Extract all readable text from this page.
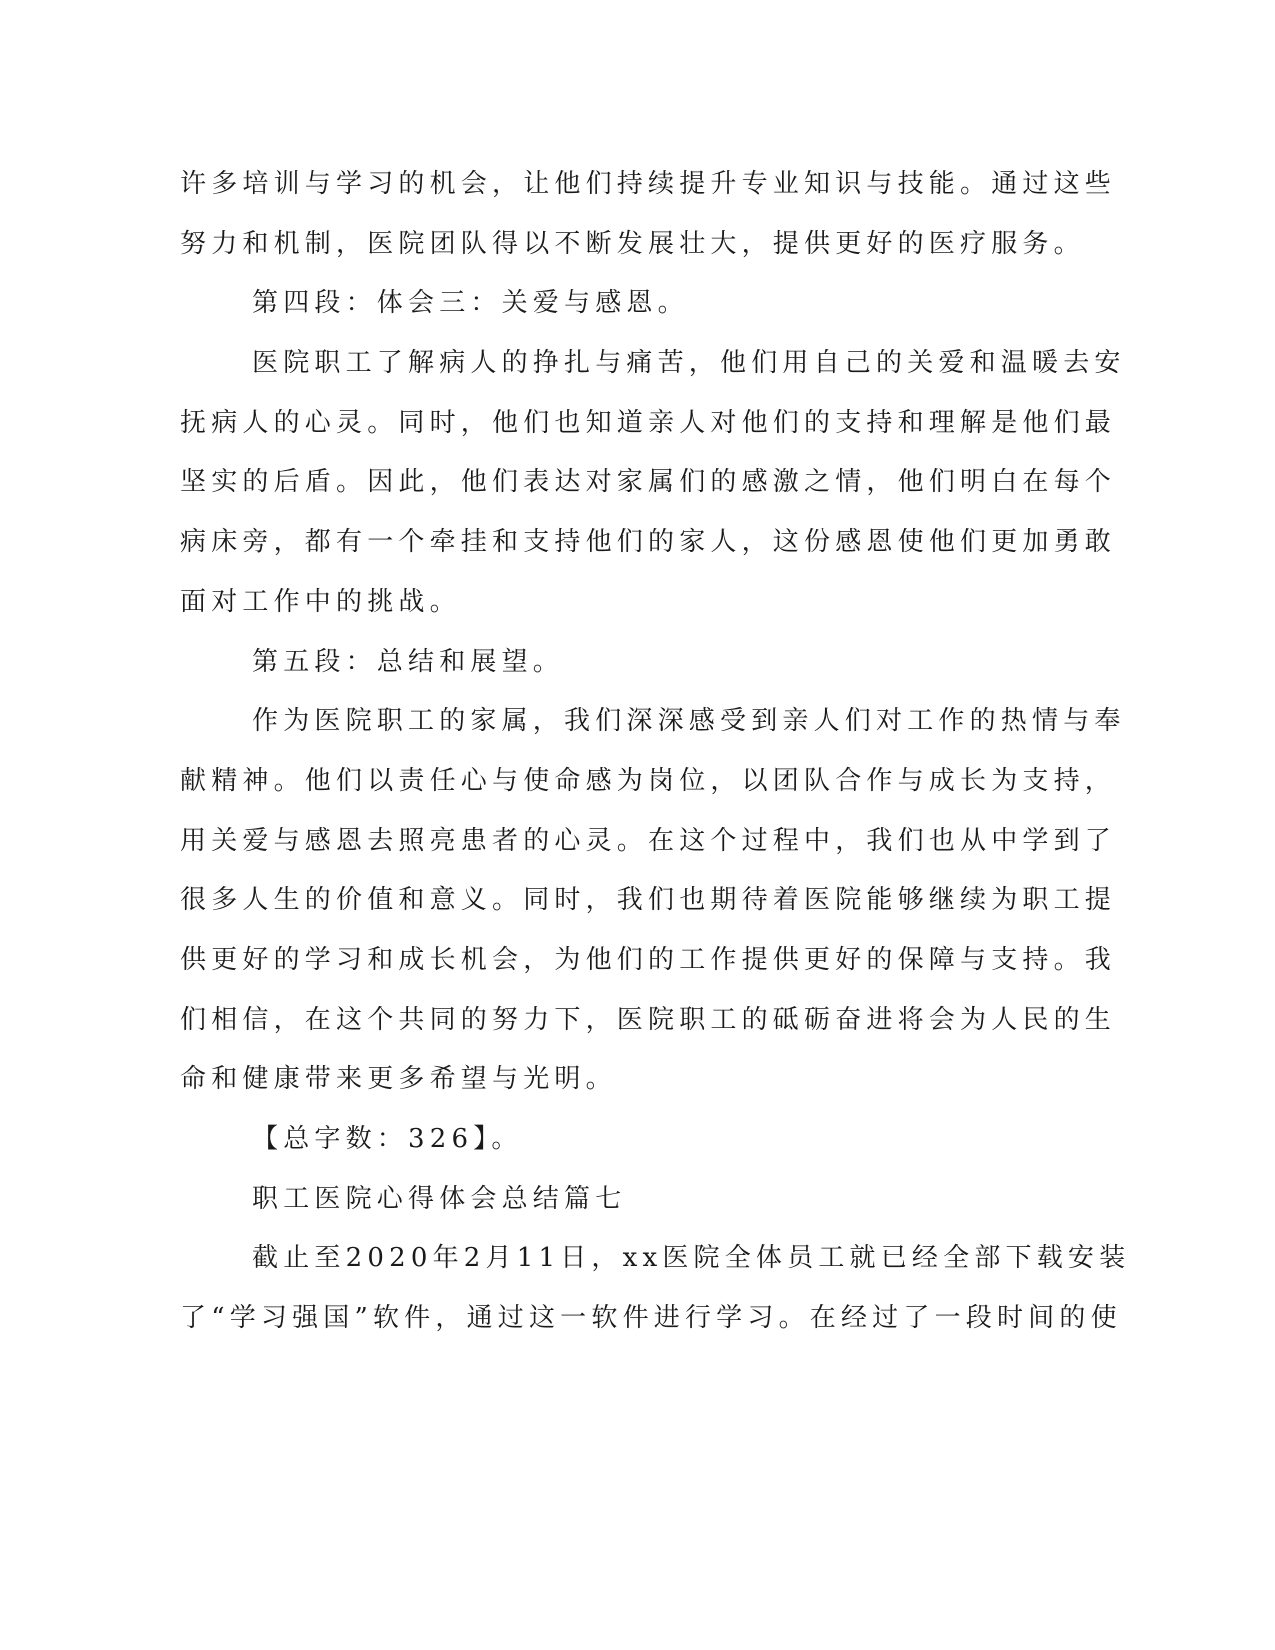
许多培训与学习的机会，让他们持续提升专业知识与技能。通过这些
努力和机制，医院团队得以不断发展壮大，提供更好的医疗服务。
第四段：体会三：关爱与感恩。
医院职工了解病人的挣扎与痛苦，他们用自己的关爱和温暖去安
抚病人的心灵。同时，他们也知道亲人对他们的支持和理解是他们最
坚实的后盾。因此，他们表达对家属们的感激之情，他们明白在每个
病床旁，都有一个牵挂和支持他们的家人，这份感恩使他们更加勇敢
面对工作中的挑战。
第五段：总结和展望。
作为医院职工的家属，我们深深感受到亲人们对工作的热情与奉
献精神。他们以责任心与使命感为岗位，以团队合作与成长为支持，
用关爱与感恩去照亮患者的心灵。在这个过程中，我们也从中学到了
很多人生的价值和意义。同时，我们也期待着医院能够继续为职工提
供更好的学习和成长机会，为他们的工作提供更好的保障与支持。我
们相信，在这个共同的努力下，医院职工的砥砺奋进将会为人民的生
命和健康带来更多希望与光明。
【总字数：326】。
职工医院心得体会总结篇七
截止至2020年2月11日，xx医院全体员工就已经全部下载安装
了“学习强国”软件，通过这一软件进行学习。在经过了一段时间的使
